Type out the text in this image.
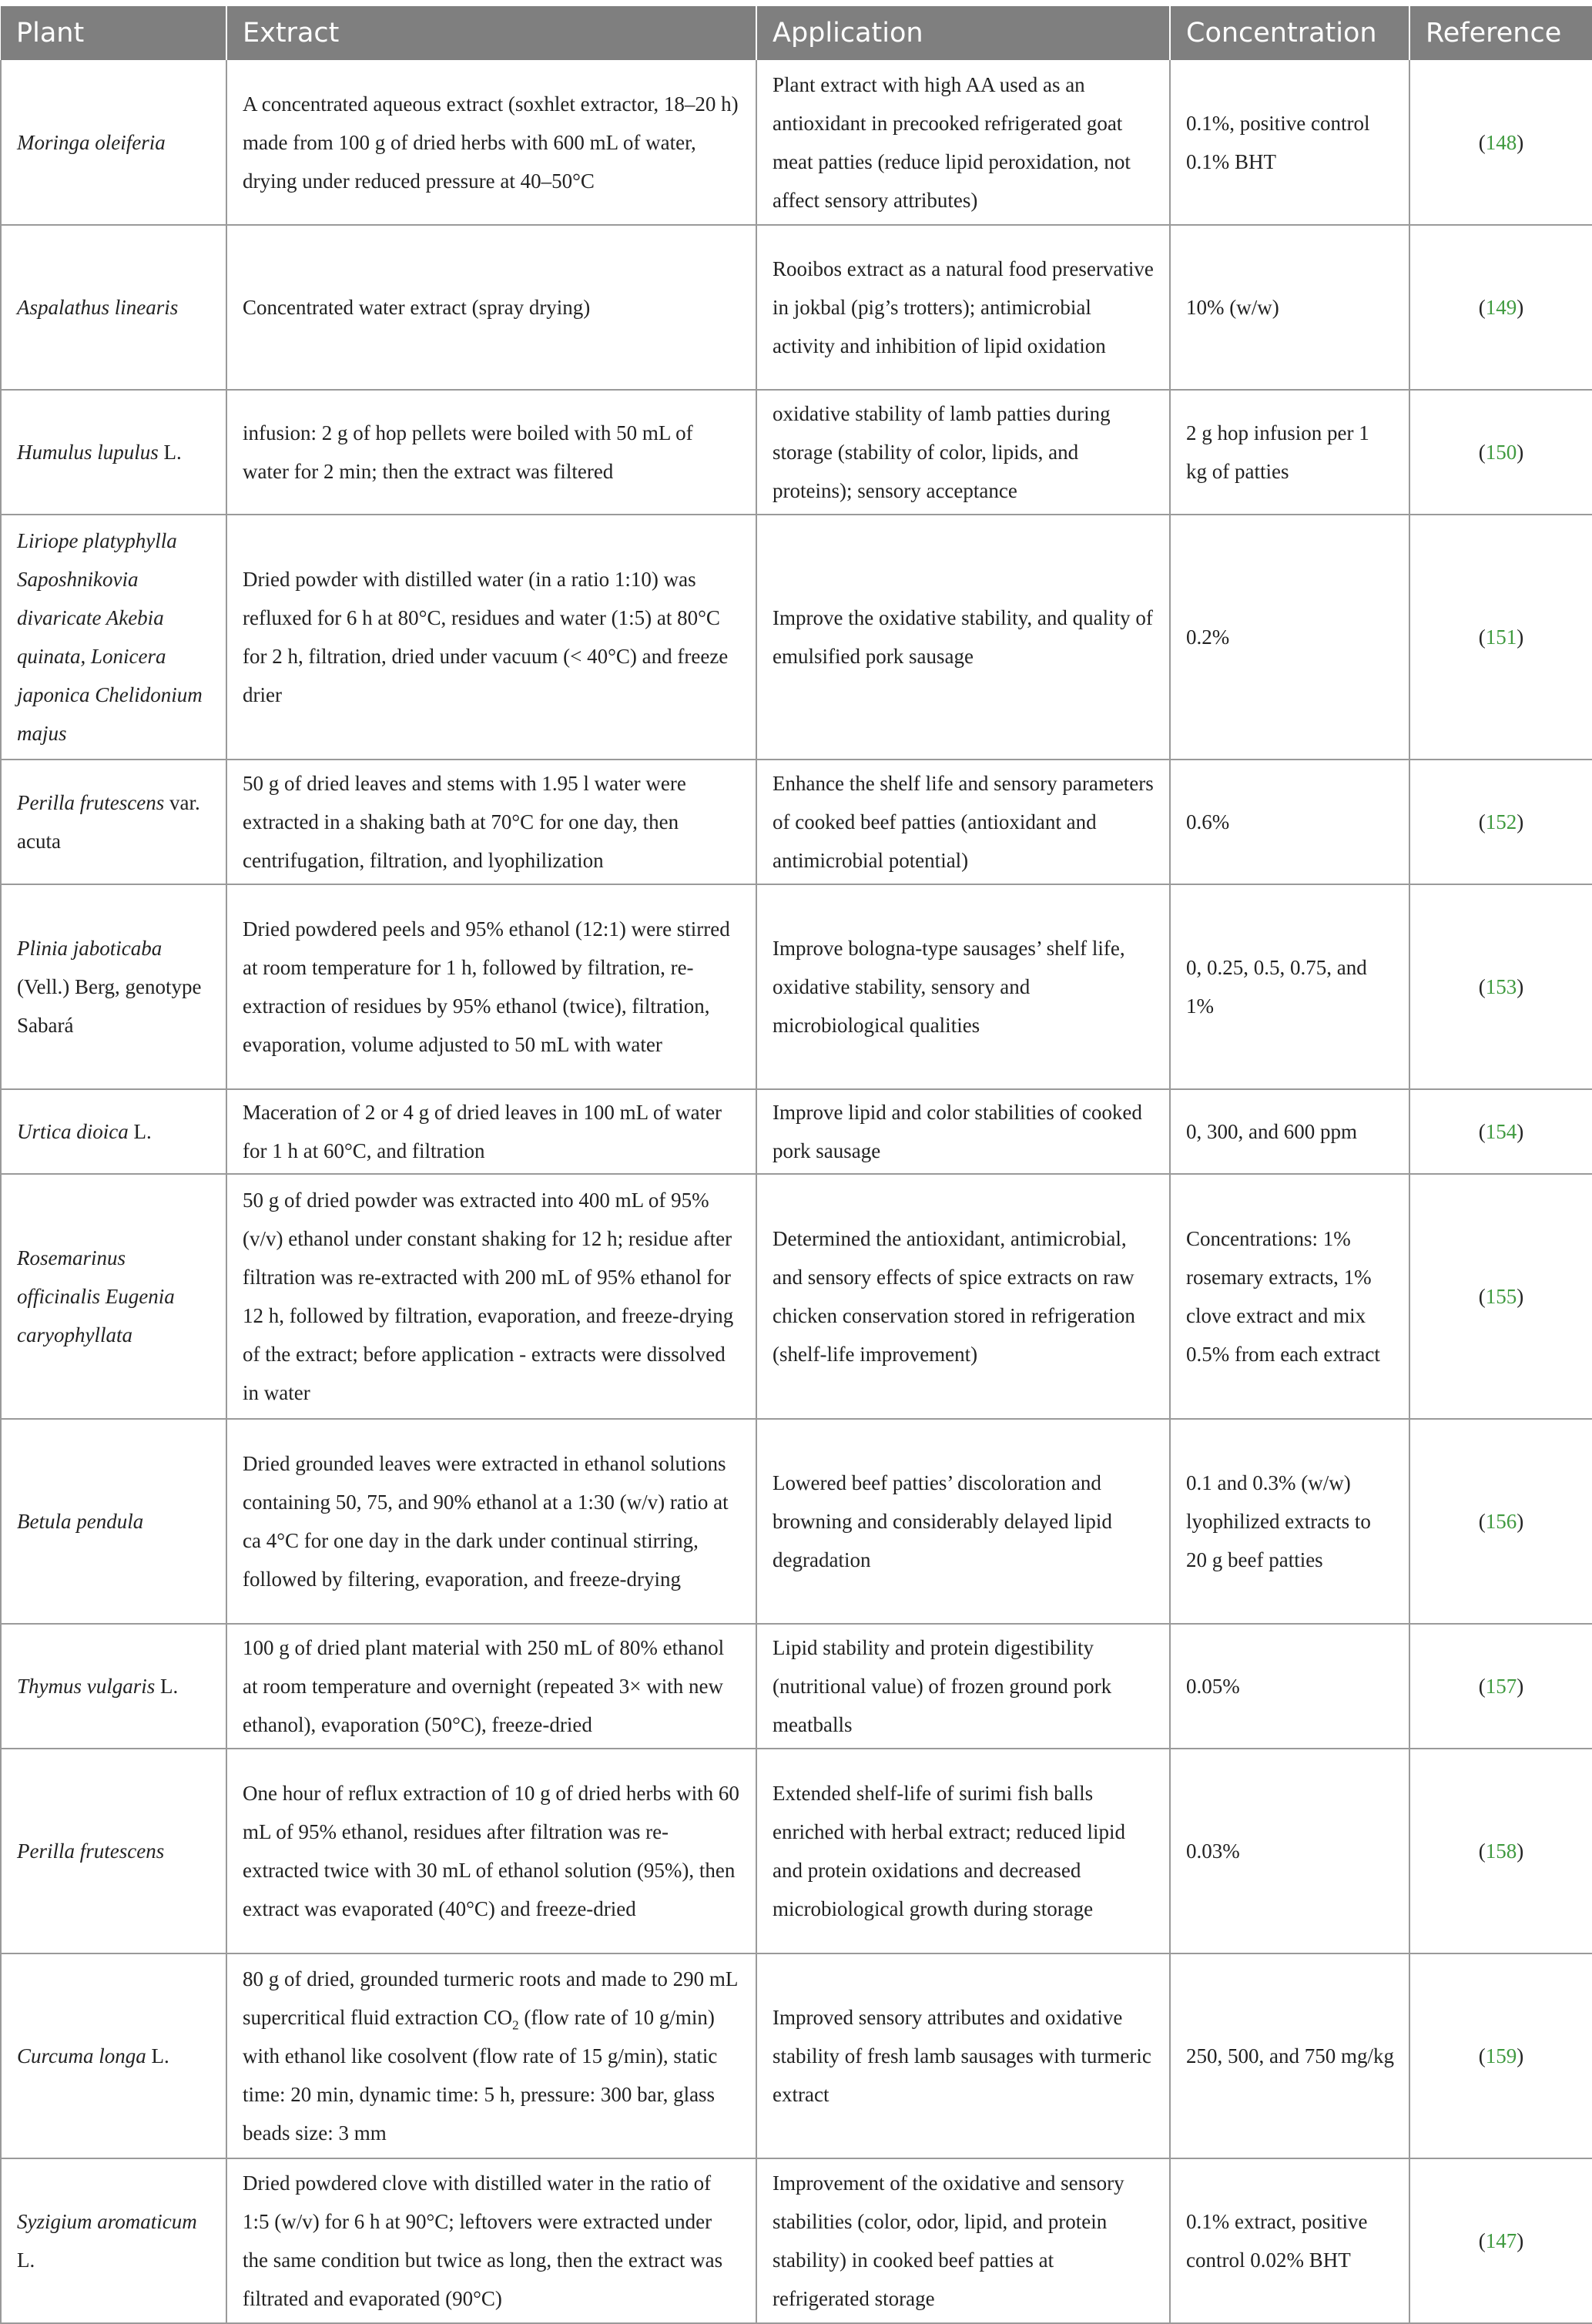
Plant	Extract	Application	Concentration	Reference
Moringa oleiferia	A concentrated aqueous extract (soxhlet extractor, 18–20 h) made from 100 g of dried herbs with 600 mL of water, drying under reduced pressure at 40–50°C	Plant extract with high AA used as an antioxidant in precooked refrigerated goat meat patties (reduce lipid peroxidation, not affect sensory attributes)	0.1%, positive control 0.1% BHT	(148)
Aspalathus linearis	Concentrated water extract (spray drying)	Rooibos extract as a natural food preservative in jokbal (pig’s trotters); antimicrobial activity and inhibition of lipid oxidation	10% (w/w)	(149)
Humulus lupulus L.	infusion: 2 g of hop pellets were boiled with 50 mL of water for 2 min; then the extract was filtered	oxidative stability of lamb patties during storage (stability of color, lipids, and proteins); sensory acceptance	2 g hop infusion per 1 kg of patties	(150)
Liriope platyphylla Saposhnikovia divaricate Akebia quinata, Lonicera japonica Chelidonium majus	Dried powder with distilled water (in a ratio 1:10) was refluxed for 6 h at 80°C, residues and water (1:5) at 80°C for 2 h, filtration, dried under vacuum (< 40°C) and freeze drier	Improve the oxidative stability, and quality of emulsified pork sausage	0.2%	(151)
Perilla frutescens var. acuta	50 g of dried leaves and stems with 1.95 l water were extracted in a shaking bath at 70°C for one day, then centrifugation, filtration, and lyophilization	Enhance the shelf life and sensory parameters of cooked beef patties (antioxidant and antimicrobial potential)	0.6%	(152)
Plinia jaboticaba (Vell.) Berg, genotype Sabará	Dried powdered peels and 95% ethanol (12:1) were stirred at room temperature for 1 h, followed by filtration, re-extraction of residues by 95% ethanol (twice), filtration, evaporation, volume adjusted to 50 mL with water	Improve bologna-type sausages’ shelf life, oxidative stability, sensory and microbiological qualities	0, 0.25, 0.5, 0.75, and 1%	(153)
Urtica dioica L.	Maceration of 2 or 4 g of dried leaves in 100 mL of water for 1 h at 60°C, and filtration	Improve lipid and color stabilities of cooked pork sausage	0, 300, and 600 ppm	(154)
Rosemarinus officinalis Eugenia caryophyllata	50 g of dried powder was extracted into 400 mL of 95% (v/v) ethanol under constant shaking for 12 h; residue after filtration was re-extracted with 200 mL of 95% ethanol for 12 h, followed by filtration, evaporation, and freeze-drying of the extract; before application - extracts were dissolved in water	Determined the antioxidant, antimicrobial, and sensory effects of spice extracts on raw chicken conservation stored in refrigeration (shelf-life improvement)	Concentrations: 1% rosemary extracts, 1% clove extract and mix 0.5% from each extract	(155)
Betula pendula	Dried grounded leaves were extracted in ethanol solutions containing 50, 75, and 90% ethanol at a 1:30 (w/v) ratio at ca 4°C for one day in the dark under continual stirring, followed by filtering, evaporation, and freeze-drying	Lowered beef patties’ discoloration and browning and considerably delayed lipid degradation	0.1 and 0.3% (w/w) lyophilized extracts to 20 g beef patties	(156)
Thymus vulgaris L.	100 g of dried plant material with 250 mL of 80% ethanol at room temperature and overnight (repeated 3× with new ethanol), evaporation (50°C), freeze-dried	Lipid stability and protein digestibility (nutritional value) of frozen ground pork meatballs	0.05%	(157)
Perilla frutescens	One hour of reflux extraction of 10 g of dried herbs with 60 mL of 95% ethanol, residues after filtration was re-extracted twice with 30 mL of ethanol solution (95%), then extract was evaporated (40°C) and freeze-dried	Extended shelf-life of surimi fish balls enriched with herbal extract; reduced lipid and protein oxidations and decreased microbiological growth during storage	0.03%	(158)
Curcuma longa L.	80 g of dried, grounded turmeric roots and made to 290 mL supercritical fluid extraction $CO_2$ (flow rate of 10 g/min) with ethanol like cosolvent (flow rate of 15 g/min), static time: 20 min, dynamic time: 5 h, pressure: 300 bar, glass beads size: 3 mm	Improved sensory attributes and oxidative stability of fresh lamb sausages with turmeric extract	250, 500, and 750 mg/kg	(159)
Syzigium aromaticum L.	Dried powdered clove with distilled water in the ratio of 1:5 (w/v) for 6 h at 90°C; leftovers were extracted under the same condition but twice as long, then the extract was filtrated and evaporated (90°C)	Improvement of the oxidative and sensory stabilities (color, odor, lipid, and protein stability) in cooked beef patties at refrigerated storage	0.1% extract, positive control 0.02% BHT	(147)
